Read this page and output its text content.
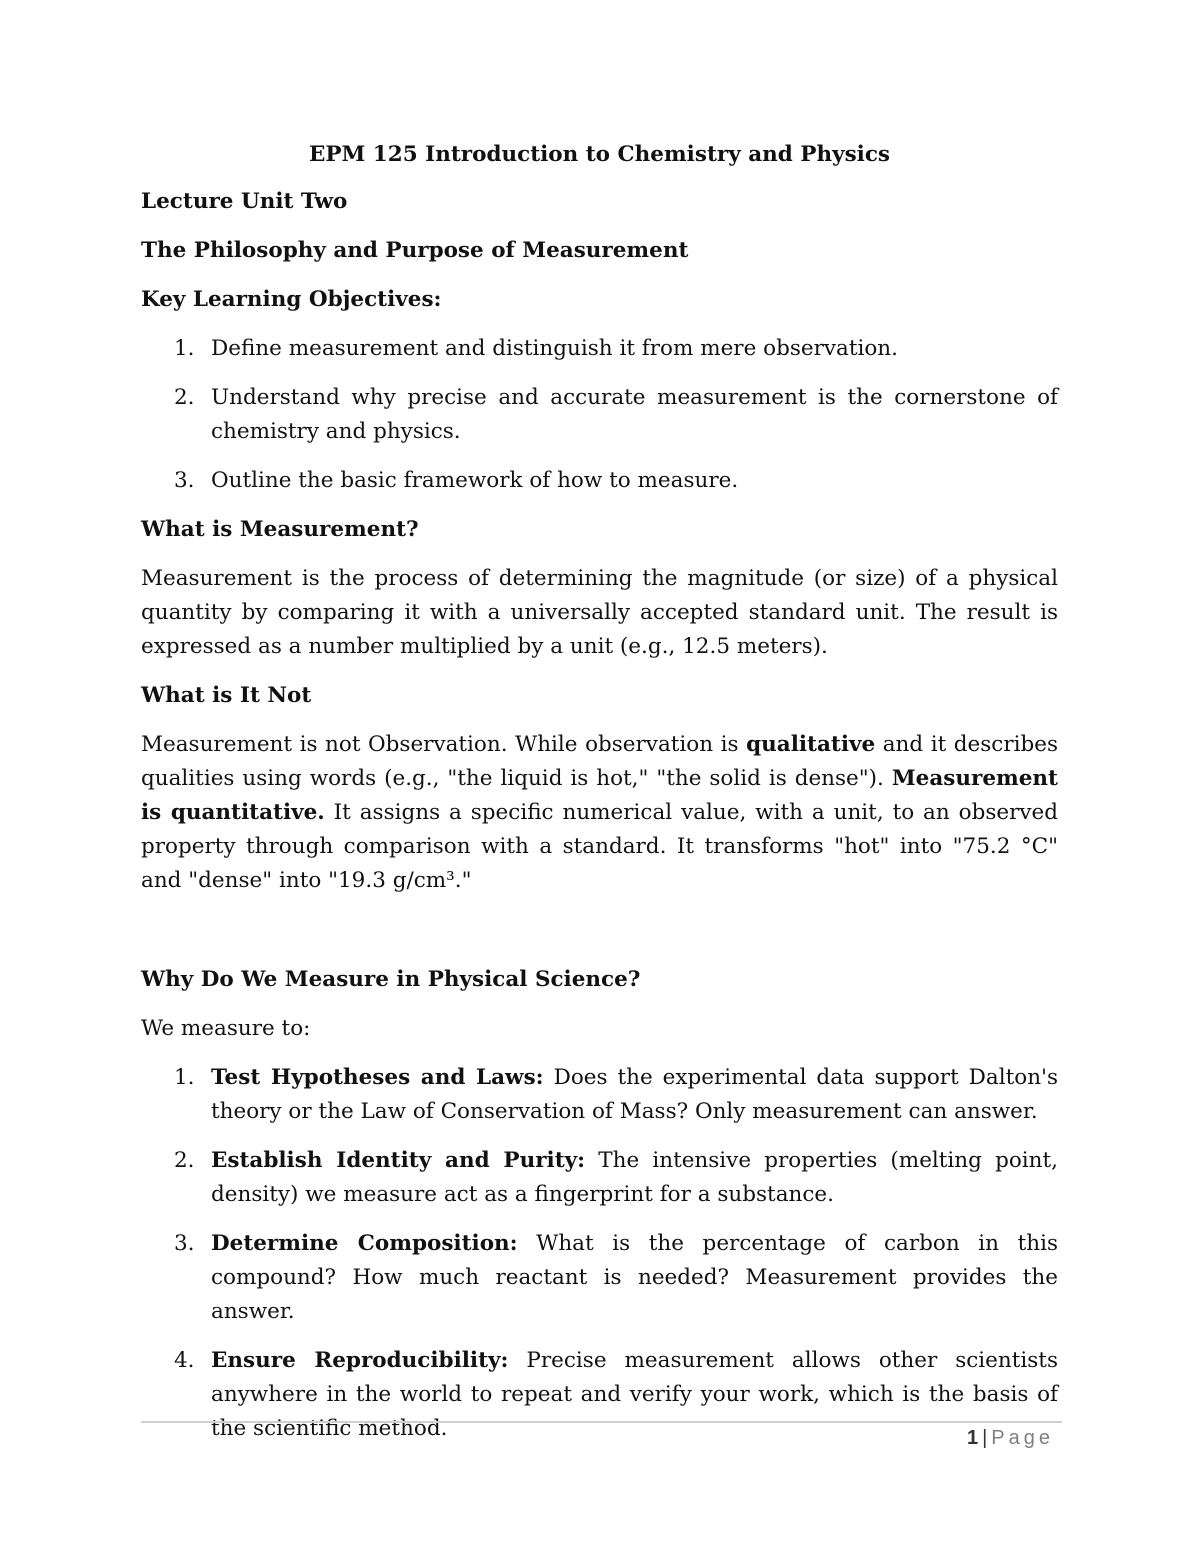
EPM 125 Introduction to Chemistry and Physics
Lecture Unit Two
The Philosophy and Purpose of Measurement
Key Learning Objectives:
1. Define measurement and distinguish it from mere observation.
2. Understand why precise and accurate measurement is the cornerstone of chemistry and physics.
3. Outline the basic framework of how to measure.
What is Measurement?
Measurement is the process of determining the magnitude (or size) of a physical quantity by comparing it with a universally accepted standard unit. The result is expressed as a number multiplied by a unit (e.g., 12.5 meters).
What is It Not
Measurement is not Observation. While observation is qualitative and it describes qualities using words (e.g., "the liquid is hot," "the solid is dense"). Measurement is quantitative. It assigns a specific numerical value, with a unit, to an observed property through comparison with a standard. It transforms "hot" into "75.2 °C" and "dense" into "19.3 g/cm³."
Why Do We Measure in Physical Science?
We measure to:
1. Test Hypotheses and Laws: Does the experimental data support Dalton's theory or the Law of Conservation of Mass? Only measurement can answer.
2. Establish Identity and Purity: The intensive properties (melting point, density) we measure act as a fingerprint for a substance.
3. Determine Composition: What is the percentage of carbon in this compound? How much reactant is needed? Measurement provides the answer.
4. Ensure Reproducibility: Precise measurement allows other scientists anywhere in the world to repeat and verify your work, which is the basis of the scientific method.	1 | Page
